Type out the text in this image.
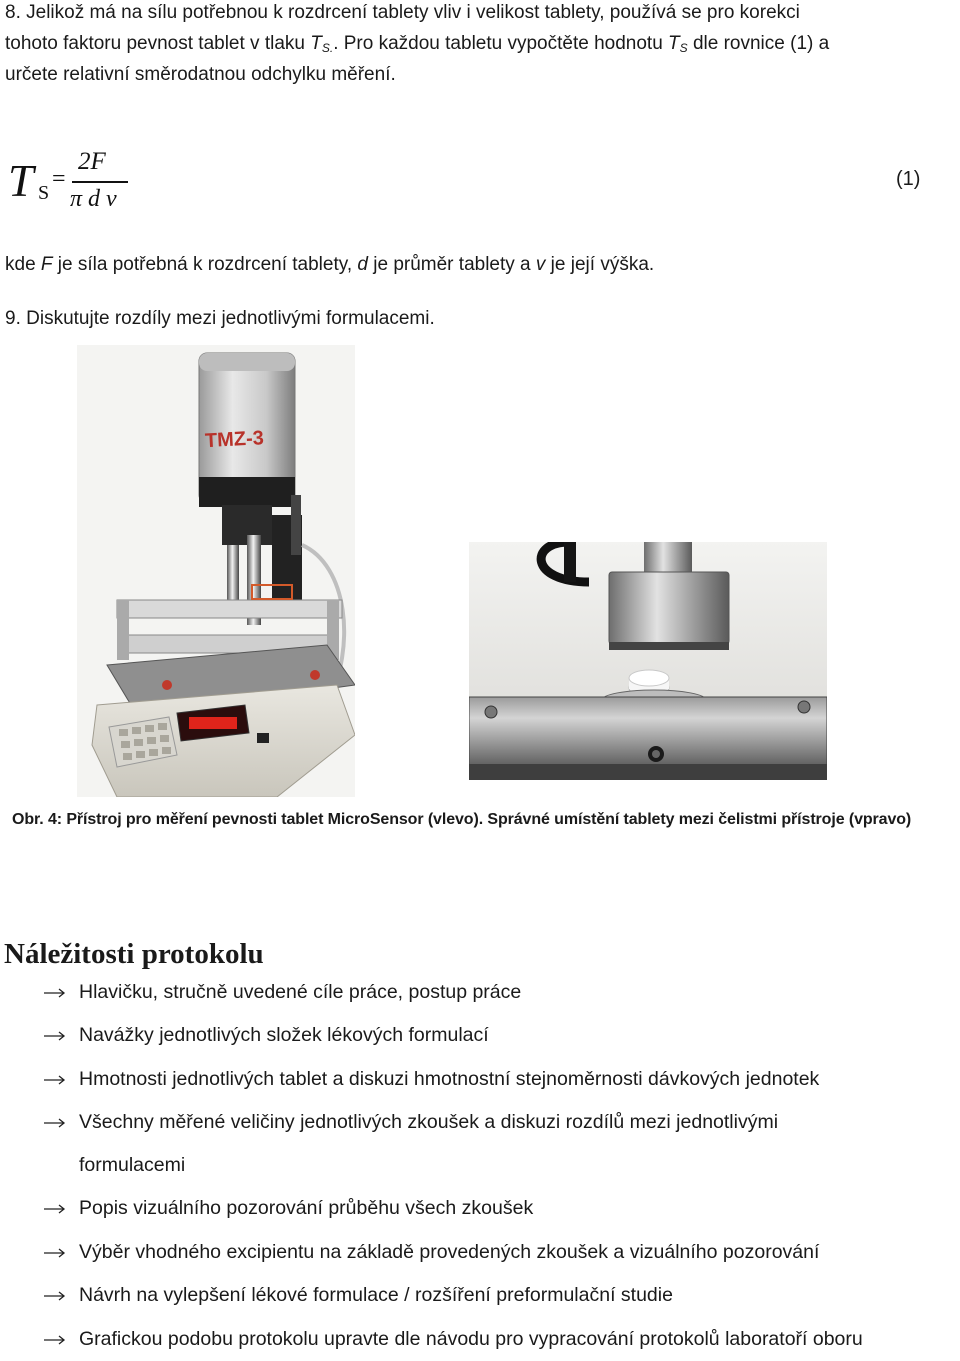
8. Jelikož má na sílu potřebnou k rozdrcení tablety vliv i velikost tablety, používá se pro korekci

tohoto faktoru pevnost tablet v tlaku $T_{S.}$. Pro každou tabletu vypočtěte hodnotu $T_S$ dle rovnice (1) a

určete relativní směrodatnou odchylku měření.

T S
=
2F
π d v
(1)

kde F je síla potřebná k rozdrcení tablety, d je průměr tablety a v je její výška.

9. Diskutujte rozdíly mezi jednotlivými formulacemi.

TMZ-3
Obr. 4: Přístroj pro měření pevnosti tablet MicroSensor (vlevo). Správné umístění tablety mezi čelistmi přístroje (vpravo)
Náležitosti protokolu
Hlavičku, stručně uvedené cíle práce, postup práce
Navážky jednotlivých složek lékových formulací
Hmotnosti jednotlivých tablet a diskuzi hmotnostní stejnoměrnosti dávkových jednotek
Všechny měřené veličiny jednotlivých zkoušek a diskuzi rozdílů mezi jednotlivými
formulacemi
Popis vizuálního pozorování průběhu všech zkoušek
Výběr vhodného excipientu na základě provedených zkoušek a vizuálního pozorování
Návrh na vylepšení lékové formulace / rozšíření preformulační studie
Grafickou podobu protokolu upravte dle návodu pro vypracování protokolů laboratoří oboru
